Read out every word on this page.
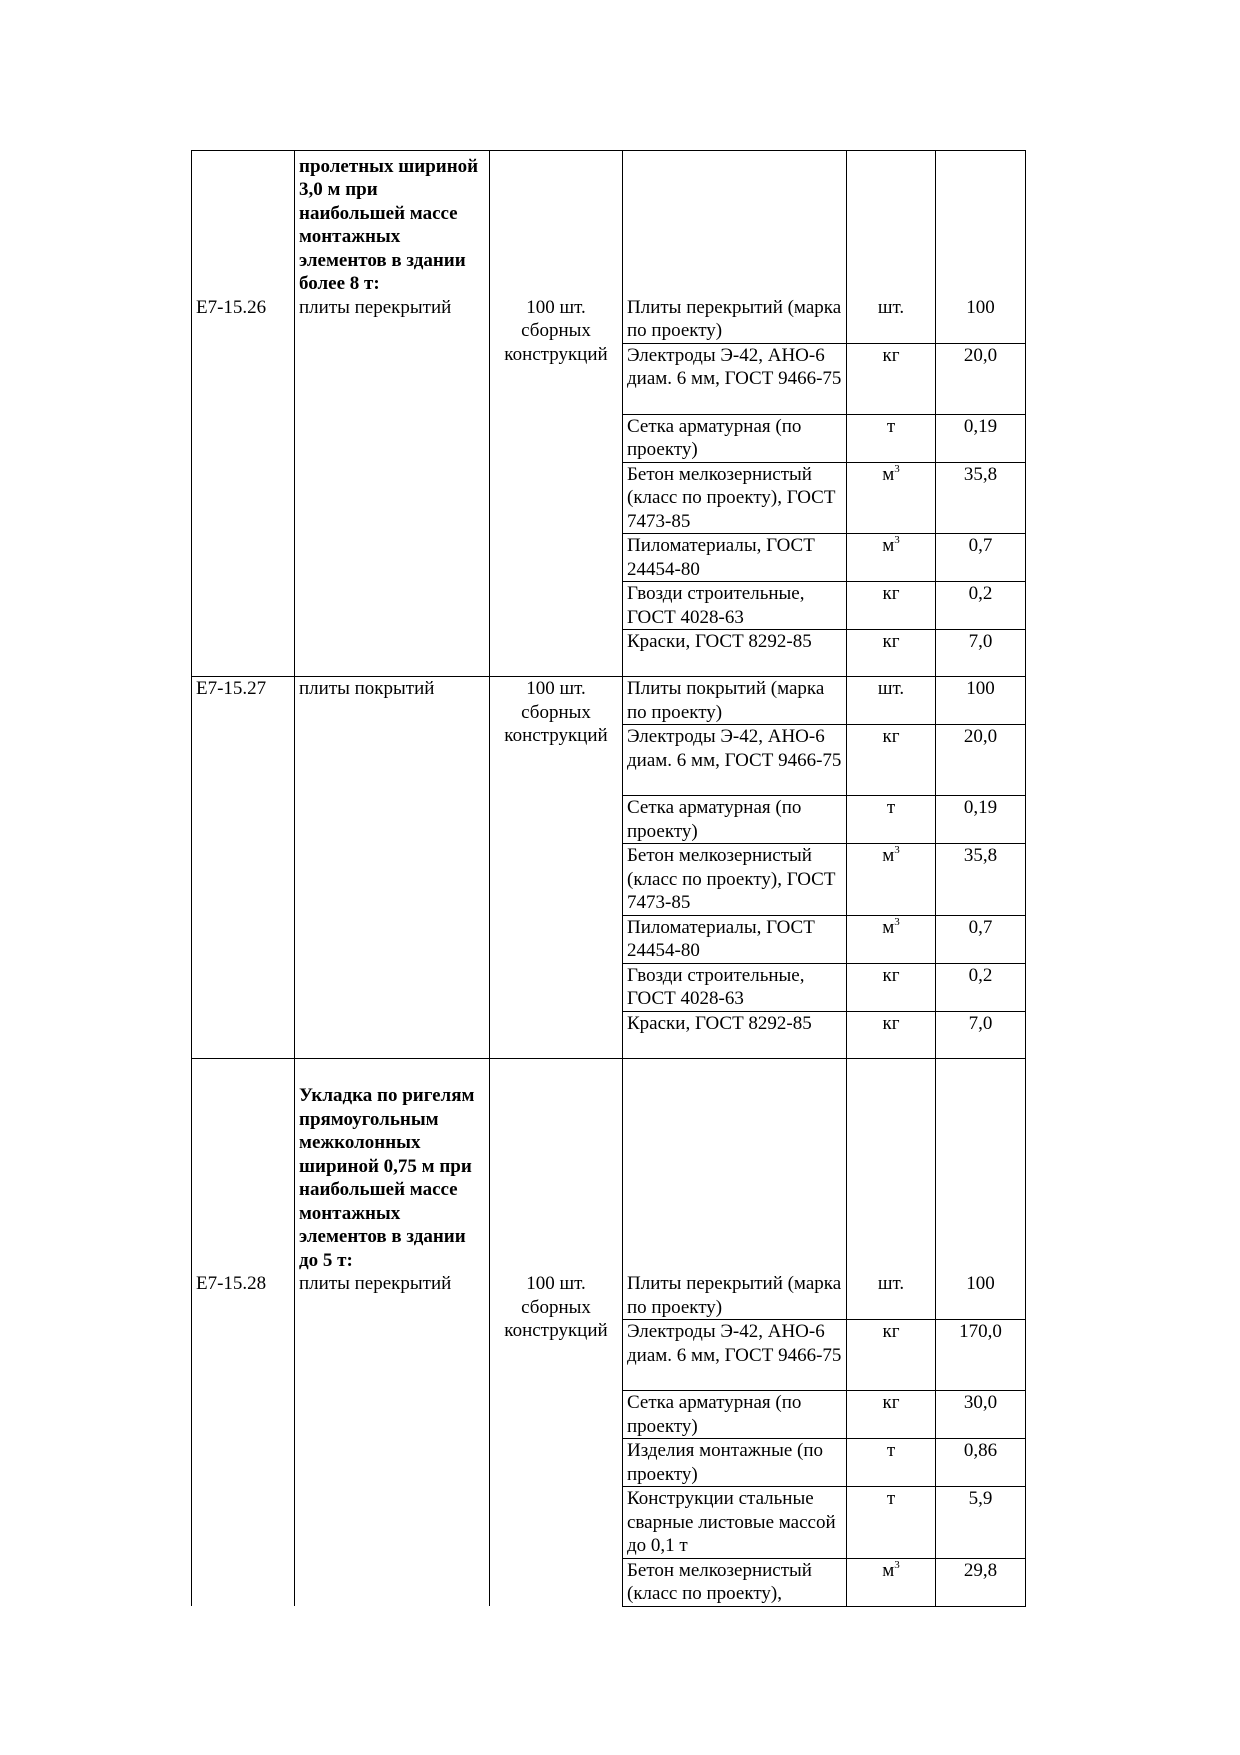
	пролетных шириной 3,0 м при наибольшей массе монтажных элементов в здании более 8 т:				

Е7-15.26	плиты перекрытий	100 шт. сборных конструкций	Плиты перекрытий (марка по проекту)	шт.	100
			Электроды Э-42, АНО-6 диам. 6 мм, ГОСТ 9466-75	кг	20,0
			Сетка арматурная (по проекту)	т	0,19
			Бетон мелкозернистый (класс по проекту), ГОСТ 7473-85	$м^3$	35,8
			Пиломатериалы, ГОСТ 24454-80	$м^3$	0,7
			Гвозди строительные, ГОСТ 4028-63	кг	0,2
			Краски, ГОСТ 8292-85	кг	7,0
Е7-15.27	плиты покрытий	100 шт. сборных конструкций	Плиты покрытий (марка по проекту)	шт.	100
			Электроды Э-42, АНО-6 диам. 6 мм, ГОСТ 9466-75	кг	20,0
			Сетка арматурная (по проекту)	т	0,19
			Бетон мелкозернистый (класс по проекту), ГОСТ 7473-85	$м^3$	35,8
			Пиломатериалы, ГОСТ 24454-80	$м^3$	0,7
			Гвозди строительные, ГОСТ 4028-63	кг	0,2
			Краски, ГОСТ 8292-85	кг	7,0

	Укладка по ригелям прямоугольным межколонных шириной 0,75 м при наибольшей массе монтажных элементов в здании до 5 т:				

Е7-15.28	плиты перекрытий	100 шт. сборных конструкций	Плиты перекрытий (марка по проекту)	шт.	100
			Электроды Э-42, АНО-6 диам. 6 мм, ГОСТ 9466-75	кг	170,0
			Сетка арматурная (по проекту)	кг	30,0
			Изделия монтажные (по проекту)	т	0,86
			Конструкции стальные сварные листовые массой до 0,1 т	т	5,9
			Бетон мелкозернистый (класс по проекту),	$м^3$	29,8
